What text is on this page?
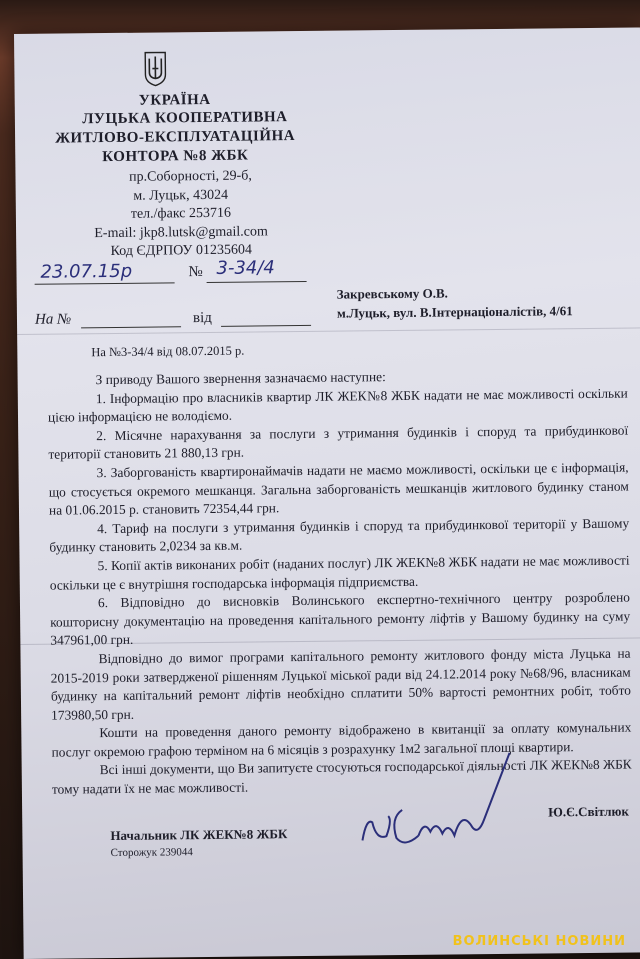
УКРАЇНА
ЛУЦЬКА КООПЕРАТИВНА
ЖИТЛОВО-ЕКСПЛУАТАЦІЙНА
КОНТОРА №8 ЖБК
пр.Соборності, 29-б,
м. Луцьк, 43024
тел./факс 253716
E-mail: jkp8.lutsk@gmail.com
Код ЄДРПОУ 01235604
23.07.15р	№ 3-34/4
На №	від
Закревському О.В.
м.Луцьк, вул. В.Інтернаціоналістів, 4/61
На №3-34/4 від 08.07.2015 р.

З приводу Вашого звернення зазначаємо наступне:

1. Інформацію про власників квартир ЛК ЖЕК№8 ЖБК надати не має можливості оскільки цією інформацією не володіємо.

2. Місячне нарахування за послуги з утримання будинків і споруд та прибудинкової території становить 21 880,13 грн.

3. Заборгованість квартиронаймачів надати не маємо можливості, оскільки це є інформація, що стосується окремого мешканця. Загальна заборгованість мешканців житлового будинку станом на 01.06.2015 р. становить 72354,44 грн.

4. Тариф на послуги з утримання будинків і споруд та прибудинкової території у Вашому будинку становить 2,0234 за кв.м.

5. Копії актів виконаних робіт (наданих послуг) ЛК ЖЕК№8 ЖБК надати не має можливості оскільки це є внутрішня господарська інформація підприємства.

6. Відповідно до висновків Волинського експертно-технічного центру розроблено кошторисну документацію на проведення капітального ремонту ліфтів у Вашому будинку на суму 347961,00 грн.

Відповідно до вимог програми капітального ремонту житлового фонду міста Луцька на 2015-2019 роки затвердженої рішенням Луцької міської ради від 24.12.2014 року №68/96, власникам будинку на капітальний ремонт ліфтів необхідно сплатити 50% вартості ремонтних робіт, тобто 173980,50 грн.

Кошти на проведення даного ремонту відображено в квитанції за оплату комунальних послуг окремою графою терміном на 6 місяців з розрахунку 1м2 загальної площі квартири.

Всі інші документи, що Ви запитуєте стосуються господарської діяльності ЛК ЖЕК№8 ЖБК тому надати їх не має можливості.

Начальник ЛК ЖЕК№8 ЖБК
Сторожук 239044
Ю.Є.Світлюк
ВОЛИНСЬКІ НОВИНИ
